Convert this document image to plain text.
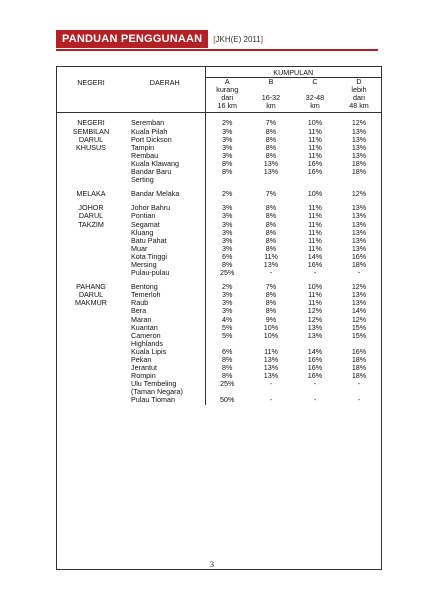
PANDUAN PENGGUNAAN	[JKH(E) 2011]
NEGERI	DAERAH	KUMPULAN			
		A	B	C	D
		kurang			lebih
		dari	16-32	32-48	dari
		16 km	km	km	48 km

NEGERI	Seremban	2%	7%	10%	12%
SEMBILAN	Kuala Pilah	3%	8%	11%	13%
DARUL	Port Dickson	3%	8%	11%	13%
KHUSUS	Tampin	3%	8%	11%	13%
	Rembau	3%	8%	11%	13%
	Kuala Klawang	8%	13%	16%	18%
	Bandar Baru	8%	13%	16%	18%
	Serting				

MELAKA	Bandar Melaka	2%	7%	10%	12%

JOHOR	Johor Bahru	3%	8%	11%	13%
DARUL	Pontian	3%	8%	11%	13%
TAKZIM	Segamat	3%	8%	11%	13%
	Kluang	3%	8%	11%	13%
	Batu Pahat	3%	8%	11%	13%
	Muar	3%	8%	11%	13%
	Kota Tinggi	6%	11%	14%	16%
	Mersing	8%	13%	16%	18%
	Pulau-pulau	25%	-	-	-

PAHANG	Bentong	2%	7%	10%	12%
DARUL	Temerloh	3%	8%	11%	13%
MAKMUR	Raub	3%	8%	11%	13%
	Bera	3%	8%	12%	14%
	Maran	4%	9%	12%	12%
	Kuantan	5%	10%	13%	15%
	Cameron	5%	10%	13%	15%
	Highlands				
	Kuala Lipis	6%	11%	14%	16%
	Pekan	8%	13%	16%	18%
	Jerantut	8%	13%	16%	18%
	Rompin	8%	13%	16%	18%
	Ulu Tembeling	25%	-	-	-
	(Taman Negara)				

	Pulau Tioman	50%	-	-	-
3
